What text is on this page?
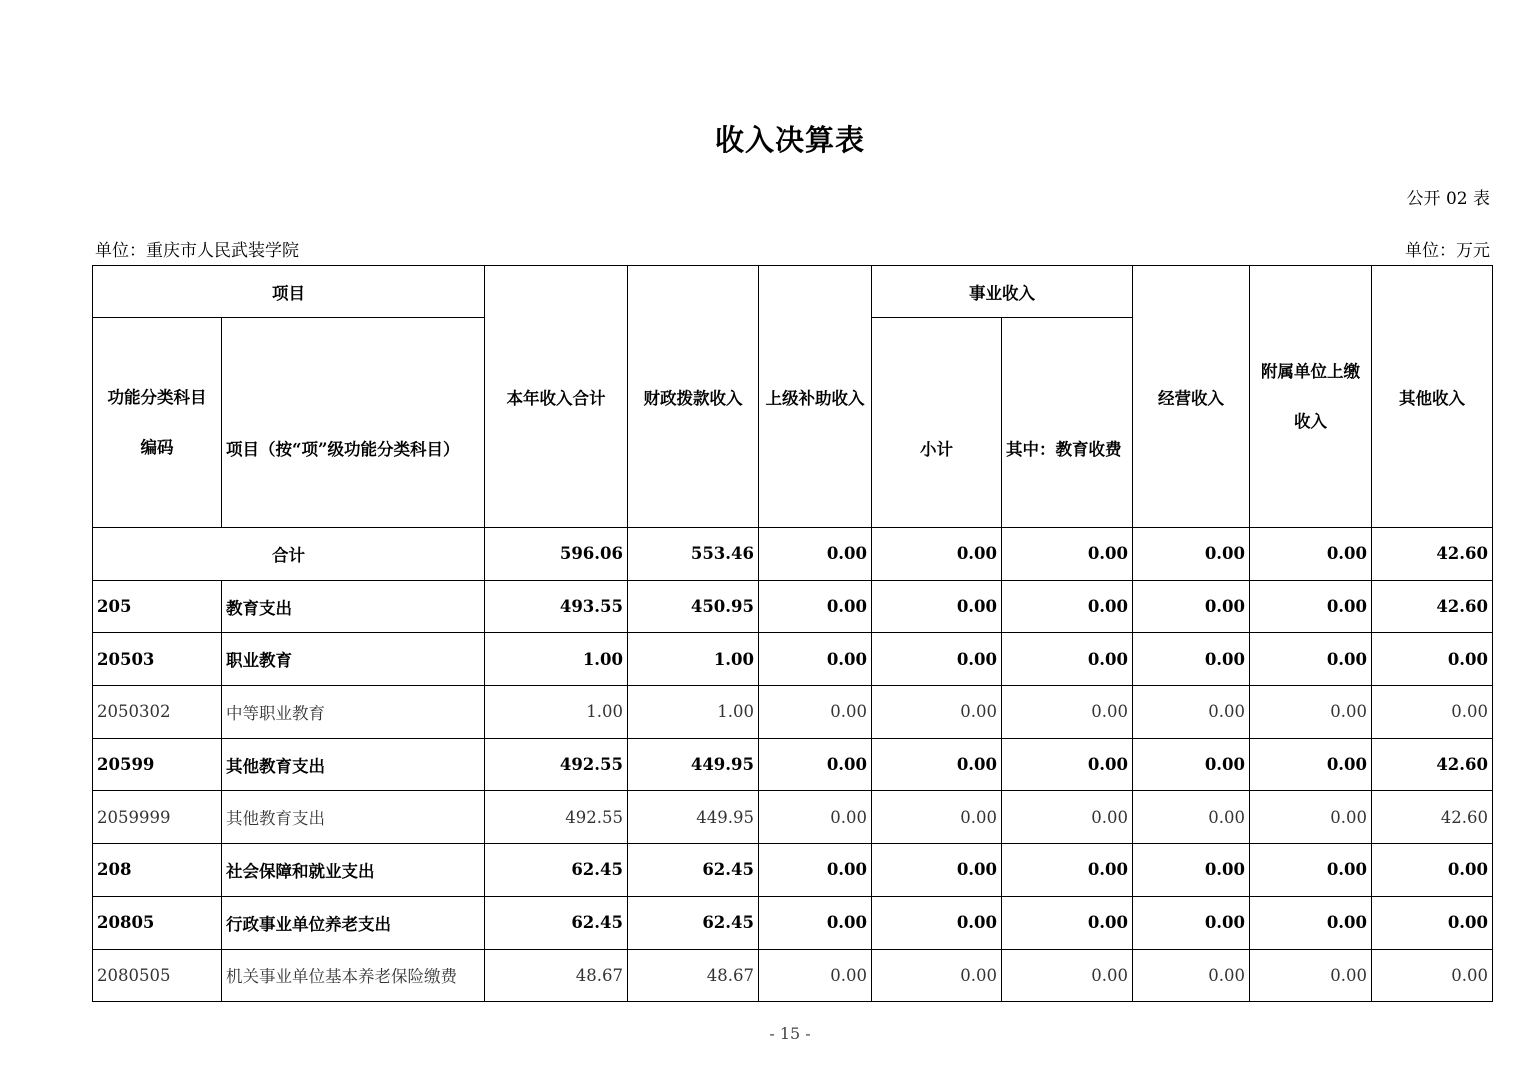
收入决算表
公开 02 表
单位：重庆市人民武装学院	单位：万元
项目		本年收入合计	财政拨款收入	上级补助收入	事业收入		经营收入	附属单位上缴收入	其他收入
功能分类科目编码	项目（按“项”级功能分类科目）				小计	其中：教育收费			
合计		596.06	553.46	0.00	0.00	0.00	0.00	0.00	42.60
205	教育支出	493.55	450.95	0.00	0.00	0.00	0.00	0.00	42.60
20503	职业教育	1.00	1.00	0.00	0.00	0.00	0.00	0.00	0.00
2050302	中等职业教育	1.00	1.00	0.00	0.00	0.00	0.00	0.00	0.00
20599	其他教育支出	492.55	449.95	0.00	0.00	0.00	0.00	0.00	42.60
2059999	其他教育支出	492.55	449.95	0.00	0.00	0.00	0.00	0.00	42.60
208	社会保障和就业支出	62.45	62.45	0.00	0.00	0.00	0.00	0.00	0.00
20805	行政事业单位养老支出	62.45	62.45	0.00	0.00	0.00	0.00	0.00	0.00
2080505	机关事业单位基本养老保险缴费	48.67	48.67	0.00	0.00	0.00	0.00	0.00	0.00
- 15 -
